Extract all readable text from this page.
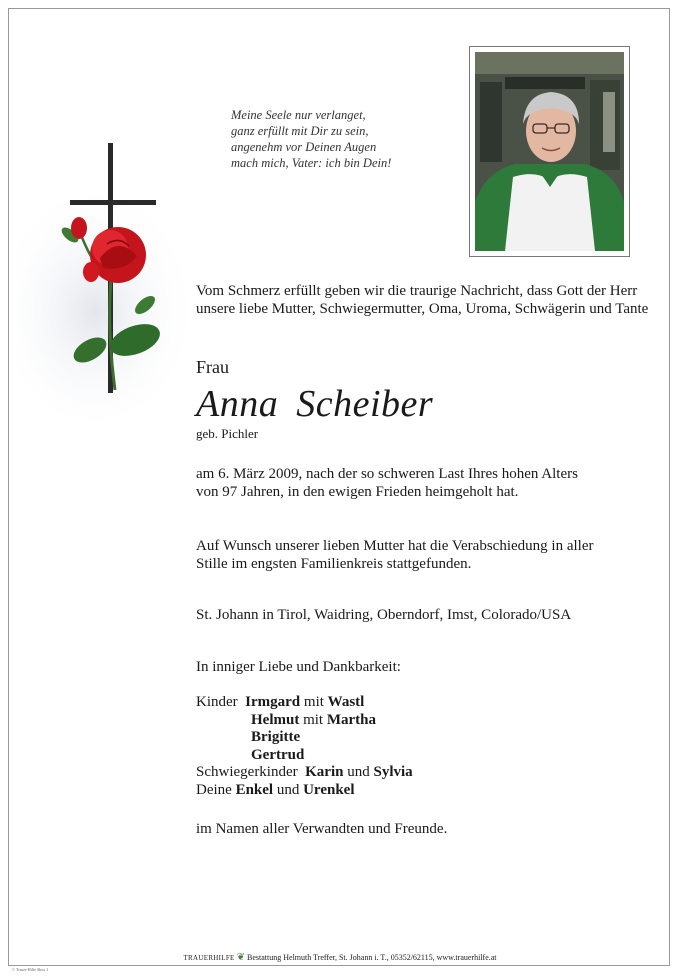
Meine Seele nur verlanget,
ganz erfüllt mit Dir zu sein,
angenehm vor Deinen Augen
mach mich, Vater: ich bin Dein!
Vom Schmerz erfüllt geben wir die traurige Nachricht, dass Gott der Herr unsere liebe Mutter, Schwiegermutter, Oma, Uroma, Schwägerin und Tante
Frau
Anna Scheiber
geb. Pichler
am 6. März 2009, nach der so schweren Last Ihres hohen Alters
von 97 Jahren, in den ewigen Frieden heimgeholt hat.
Auf Wunsch unserer lieben Mutter hat die Verabschiedung in aller
Stille im engsten Familienkreis stattgefunden.
St. Johann in Tirol, Waidring, Oberndorf, Imst, Colorado/USA
In inniger Liebe und Dankbarkeit:
Kinder Irmgard mit Wastl
Helmut mit Martha
Brigitte
Gertrud
Schwiegerkinder Karin und Sylvia
Deine Enkel und Urenkel
im Namen aller Verwandten und Freunde.
TRAUERHILFE ❦ Bestattung Helmuth Treffer, St. Johann i. T., 05352/62115, www.trauerhilfe.at
© Trauer-Hilfe Sbox 1
